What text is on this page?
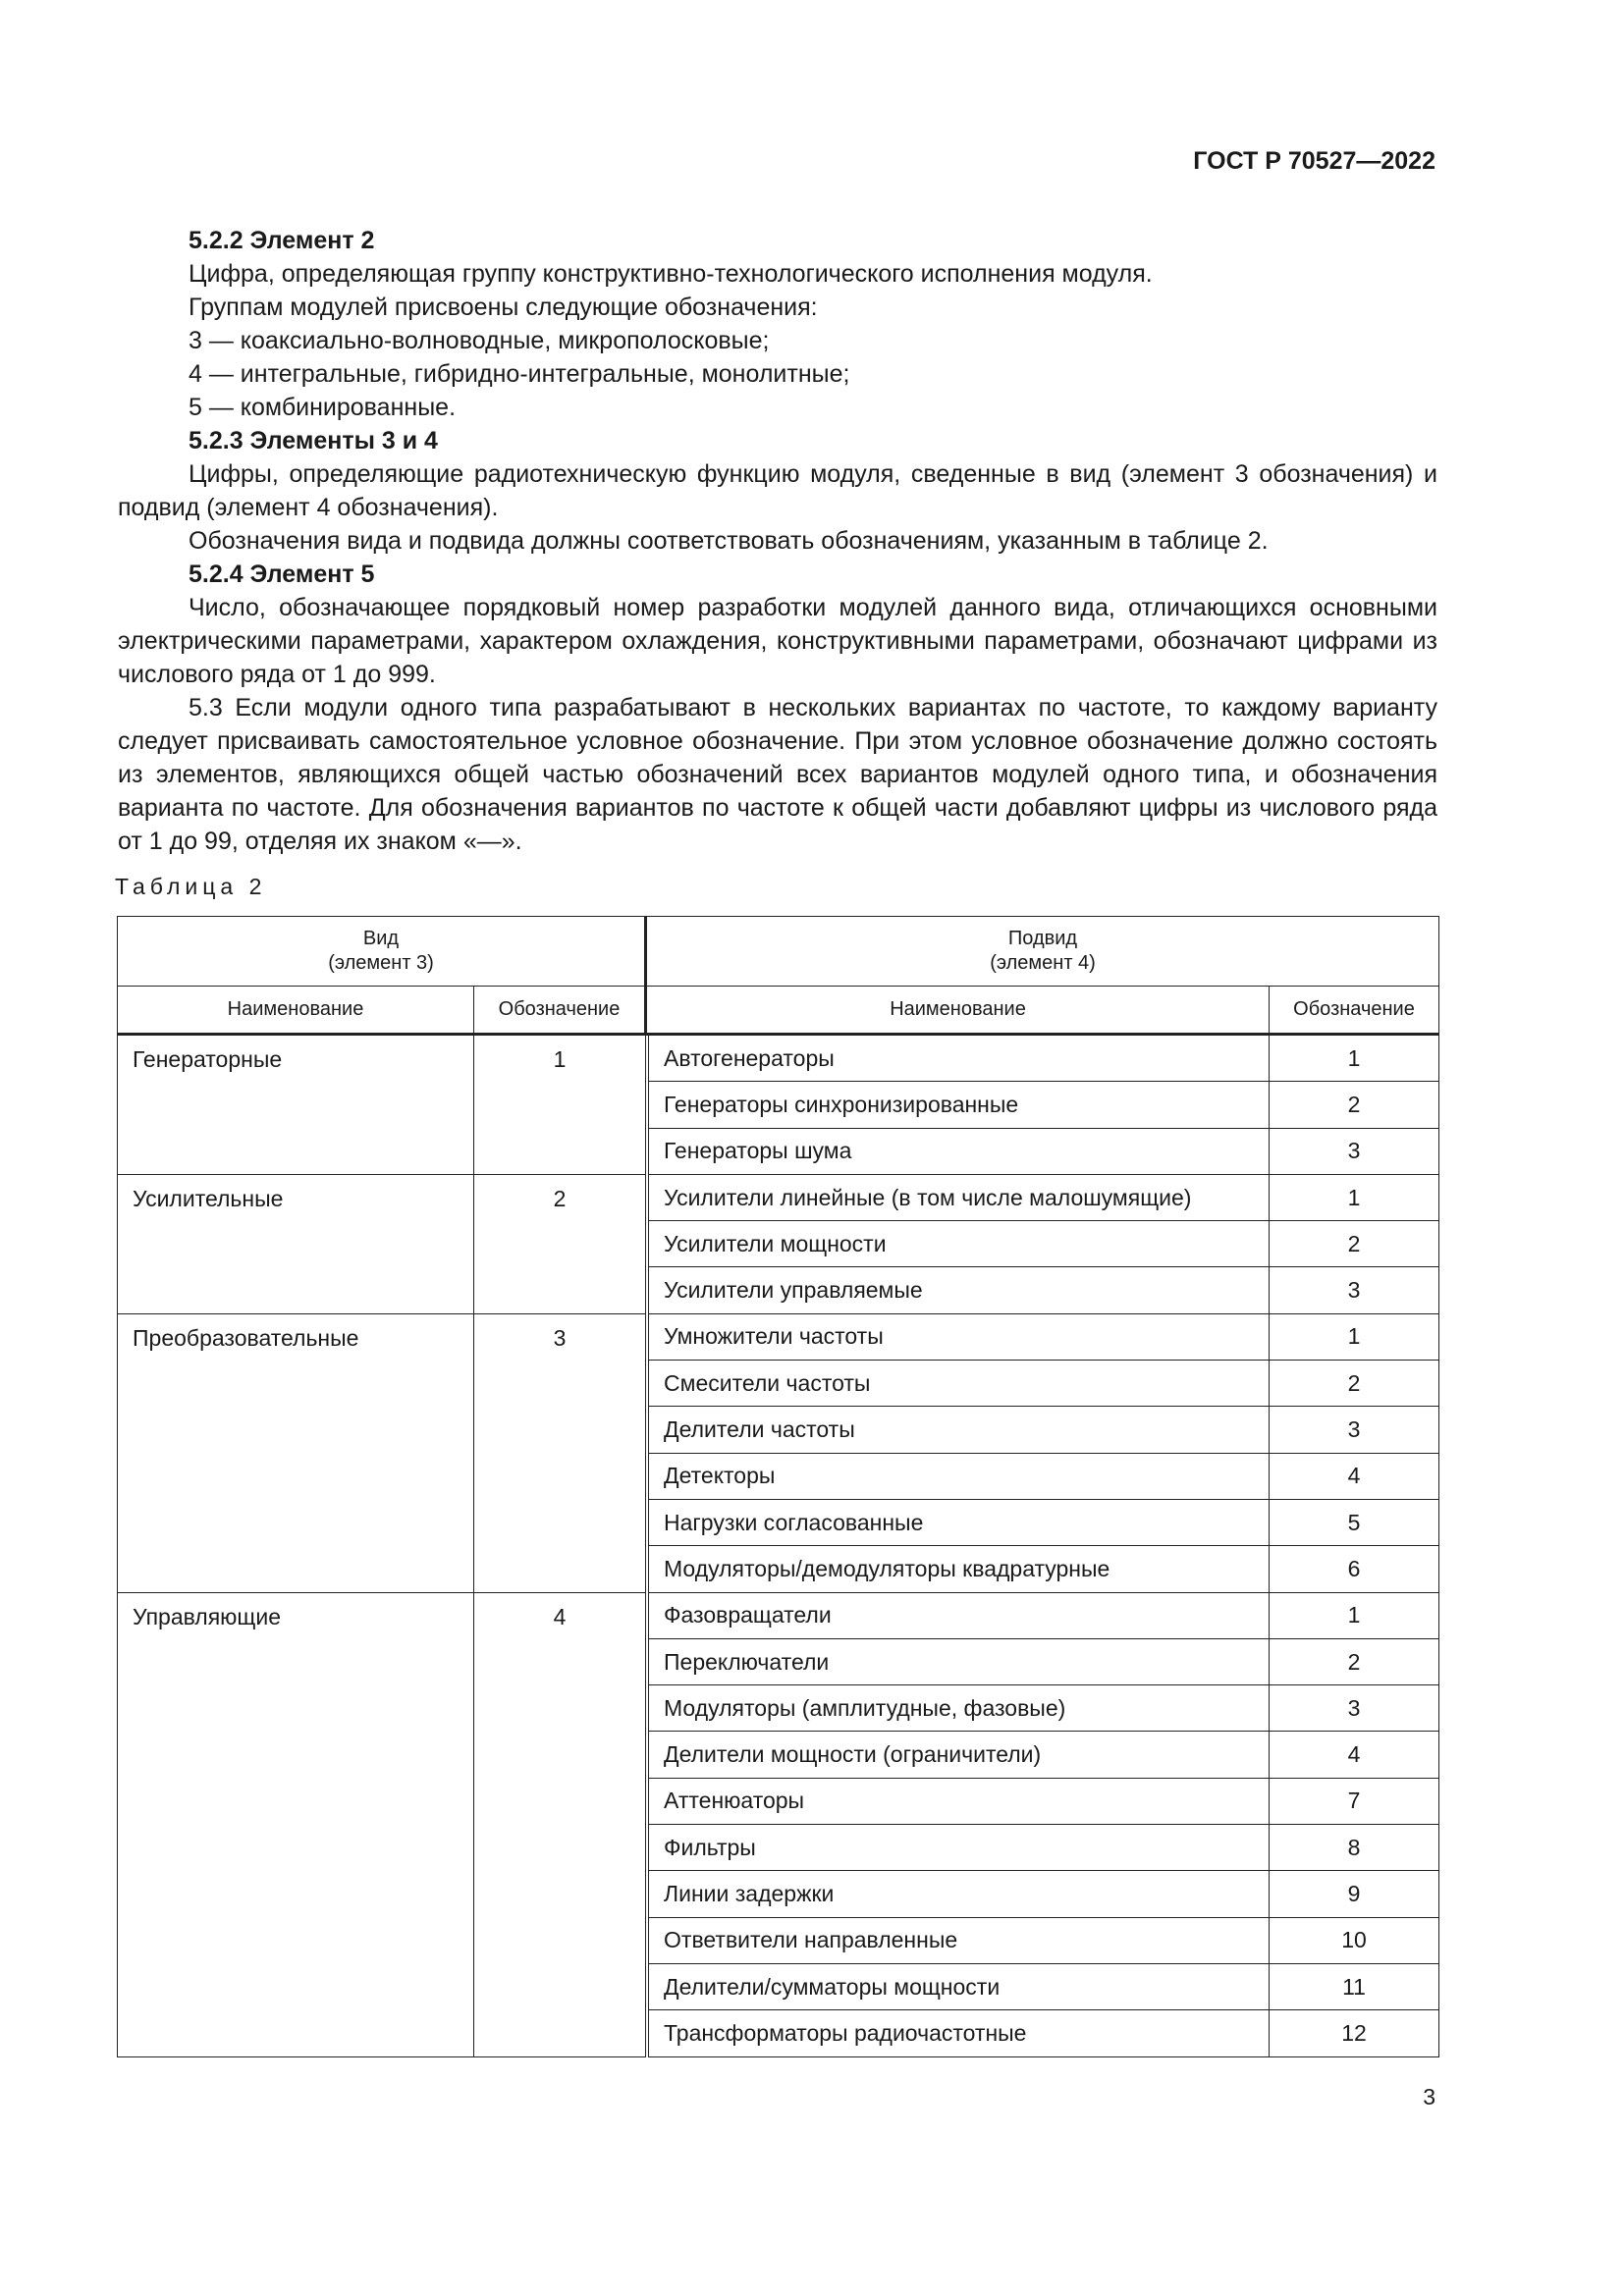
ГОСТ Р 70527—2022

5.2.2 Элемент 2

Цифра, определяющая группу конструктивно-технологического исполнения модуля.

Группам модулей присвоены следующие обозначения:

3 — коаксиально-волноводные, микрополосковые;

4 — интегральные, гибридно-интегральные, монолитные;

5 — комбинированные.

5.2.3 Элементы 3 и 4

Цифры, определяющие радиотехническую функцию модуля, сведенные в вид (элемент 3 обозначения) и подвид (элемент 4 обозначения).

Обозначения вида и подвида должны соответствовать обозначениям, указанным в таблице 2.

5.2.4 Элемент 5

Число, обозначающее порядковый номер разработки модулей данного вида, отличающихся основными электрическими параметрами, характером охлаждения, конструктивными параметрами, обозначают цифрами из числового ряда от 1 до 999.

5.3 Если модули одного типа разрабатывают в нескольких вариантах по частоте, то каждому варианту следует присваивать самостоятельное условное обозначение. При этом условное обозначение должно состоять из элементов, являющихся общей частью обозначений всех вариантов модулей одного типа, и обозначения варианта по частоте. Для обозначения вариантов по частоте к общей части добавляют цифры из числового ряда от 1 до 99, отделяя их знаком «—».

Таблица 2
Вид
(элемент 3)		Подвид
(элемент 4)		
Наименование	Обозначение	Наименование		Обозначение
Генераторные	1		Автогенераторы	1
			Генераторы синхронизированные	2
			Генераторы шума	3
Усилительные	2		Усилители линейные (в том числе малошумящие)	1
			Усилители мощности	2
			Усилители управляемые	3
Преобразовательные	3		Умножители частоты	1
			Смесители частоты	2
			Делители частоты	3
			Детекторы	4
			Нагрузки согласованные	5
			Модуляторы/демодуляторы квадратурные	6
Управляющие	4		Фазовращатели	1
			Переключатели	2
			Модуляторы (амплитудные, фазовые)	3
			Делители мощности (ограничители)	4
			Аттенюаторы	7
			Фильтры	8
			Линии задержки	9
			Ответвители направленные	10
			Делители/сумматоры мощности	11
			Трансформаторы радиочастотные	12
3
